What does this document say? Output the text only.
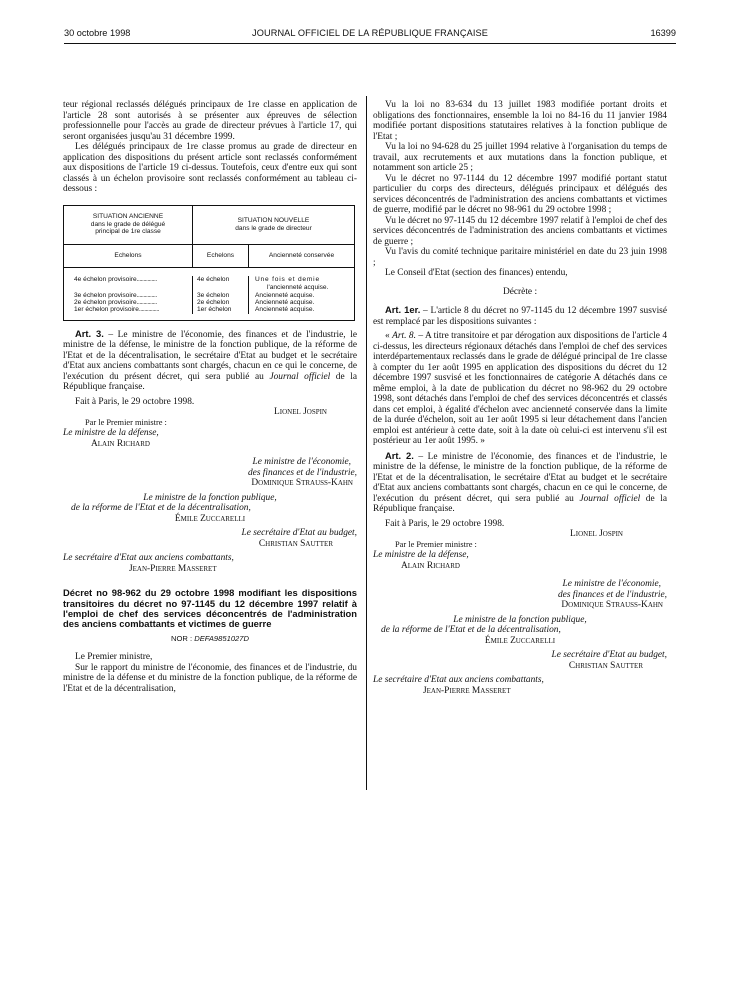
30 octobre 1998	JOURNAL OFFICIEL DE LA RÉPUBLIQUE FRANÇAISE	16399

teur régional reclassés délégués principaux de 1re classe en application de l'article 28 sont autorisés à se présenter aux épreuves de sélection professionnelle pour l'accès au grade de directeur prévues à l'article 17, qui seront organisées jusqu'au 31 décembre 1999.

Les délégués principaux de 1re classe promus au grade de directeur en application des dispositions du présent article sont reclassés conformément aux dispositions de l'article 19 ci-dessus. Toutefois, ceux d'entre eux qui sont classés à un échelon provisoire sont reclassés conformément au tableau ci-dessous :

SITUATION ANCIENNE
dans le grade de délégué
principal de 1re classe
SITUATION NOUVELLE
dans le grade de directeur
Echelons	Echelons	Ancienneté conservée
4e échelon provisoire...............	4e échelon	Une fois et demie
l'ancienneté acquise.
3e échelon provisoire...............	3e échelon	Ancienneté acquise.
2e échelon provisoire...............	2e échelon	Ancienneté acquise.
1er échelon provisoire...............	1er échelon	Ancienneté acquise.

Art. 3. – Le ministre de l'économie, des finances et de l'industrie, le ministre de la défense, le ministre de la fonction publique, de la réforme de l'Etat et de la décentralisation, le secrétaire d'Etat au budget et le secrétaire d'Etat aux anciens combattants sont chargés, chacun en ce qui le concerne, de l'exécution du présent décret, qui sera publié au Journal officiel de la République française.

Fait à Paris, le 29 octobre 1998.

Lionel Jospin

Par le Premier ministre :

Le ministre de la défense,

Alain Richard

Le ministre de l'économie,

des finances et de l'industrie,

Dominique Strauss-Kahn

Le ministre de la fonction publique,

de la réforme de l'Etat et de la décentralisation,

Émile Zuccarelli

Le secrétaire d'Etat au budget,

Christian Sautter

Le secrétaire d'Etat aux anciens combattants,

Jean-Pierre Masseret

Décret no 98-962 du 29 octobre 1998 modifiant les dispositions transitoires du décret no 97-1145 du 12 décembre 1997 relatif à l'emploi de chef des services déconcentrés de l'administration des anciens combattants et victimes de guerre

NOR : DEFA9851027D

Le Premier ministre,

Sur le rapport du ministre de l'économie, des finances et de l'industrie, du ministre de la défense et du ministre de la fonction publique, de la réforme de l'Etat et de la décentralisation,

Vu la loi no 83-634 du 13 juillet 1983 modifiée portant droits et obligations des fonctionnaires, ensemble la loi no 84-16 du 11 janvier 1984 modifiée portant dispositions statutaires relatives à la fonction publique de l'Etat ;

Vu la loi no 94-628 du 25 juillet 1994 relative à l'organisation du temps de travail, aux recrutements et aux mutations dans la fonction publique, et notamment son article 25 ;

Vu le décret no 97-1144 du 12 décembre 1997 modifié portant statut particulier du corps des directeurs, délégués principaux et délégués des services déconcentrés de l'administration des anciens combattants et victimes de guerre, modifié par le décret no 98-961 du 29 octobre 1998 ;

Vu le décret no 97-1145 du 12 décembre 1997 relatif à l'emploi de chef des services déconcentrés de l'administration des anciens combattants et victimes de guerre ;

Vu l'avis du comité technique paritaire ministériel en date du 23 juin 1998 ;

Le Conseil d'Etat (section des finances) entendu,

Décrète :

Art. 1er. – L'article 8 du décret no 97-1145 du 12 décembre 1997 susvisé est remplacé par les dispositions suivantes :

« Art. 8. – A titre transitoire et par dérogation aux dispositions de l'article 4 ci-dessus, les directeurs régionaux détachés dans l'emploi de chef des services interdépartementaux reclassés dans le grade de délégué principal de 1re classe à compter du 1er août 1995 en application des dispositions du décret du 12 décembre 1997 susvisé et les fonctionnaires de catégorie A détachés dans ce même emploi, à la date de publication du décret no 98-962 du 29 octobre 1998, sont détachés dans l'emploi de chef des services déconcentrés et classés dans cet emploi, à égalité d'échelon avec ancienneté conservée dans la limite de la durée d'échelon, soit au 1er août 1995 si leur détachement dans l'ancien emploi est antérieur à cette date, soit à la date où celui-ci est intervenu s'il est postérieur au 1er août 1995. »

Art. 2. – Le ministre de l'économie, des finances et de l'industrie, le ministre de la défense, le ministre de la fonction publique, de la réforme de l'Etat et de la décentralisation, le secrétaire d'Etat au budget et le secrétaire d'Etat aux anciens combattants sont chargés, chacun en ce qui le concerne, de l'exécution du présent décret, qui sera publié au Journal officiel de la République française.

Fait à Paris, le 29 octobre 1998.

Lionel Jospin

Par le Premier ministre :

Le ministre de la défense,

Alain Richard

Le ministre de l'économie,

des finances et de l'industrie,

Dominique Strauss-Kahn

Le ministre de la fonction publique,

de la réforme de l'Etat et de la décentralisation,

Émile Zuccarelli

Le secrétaire d'Etat au budget,

Christian Sautter

Le secrétaire d'Etat aux anciens combattants,

Jean-Pierre Masseret
